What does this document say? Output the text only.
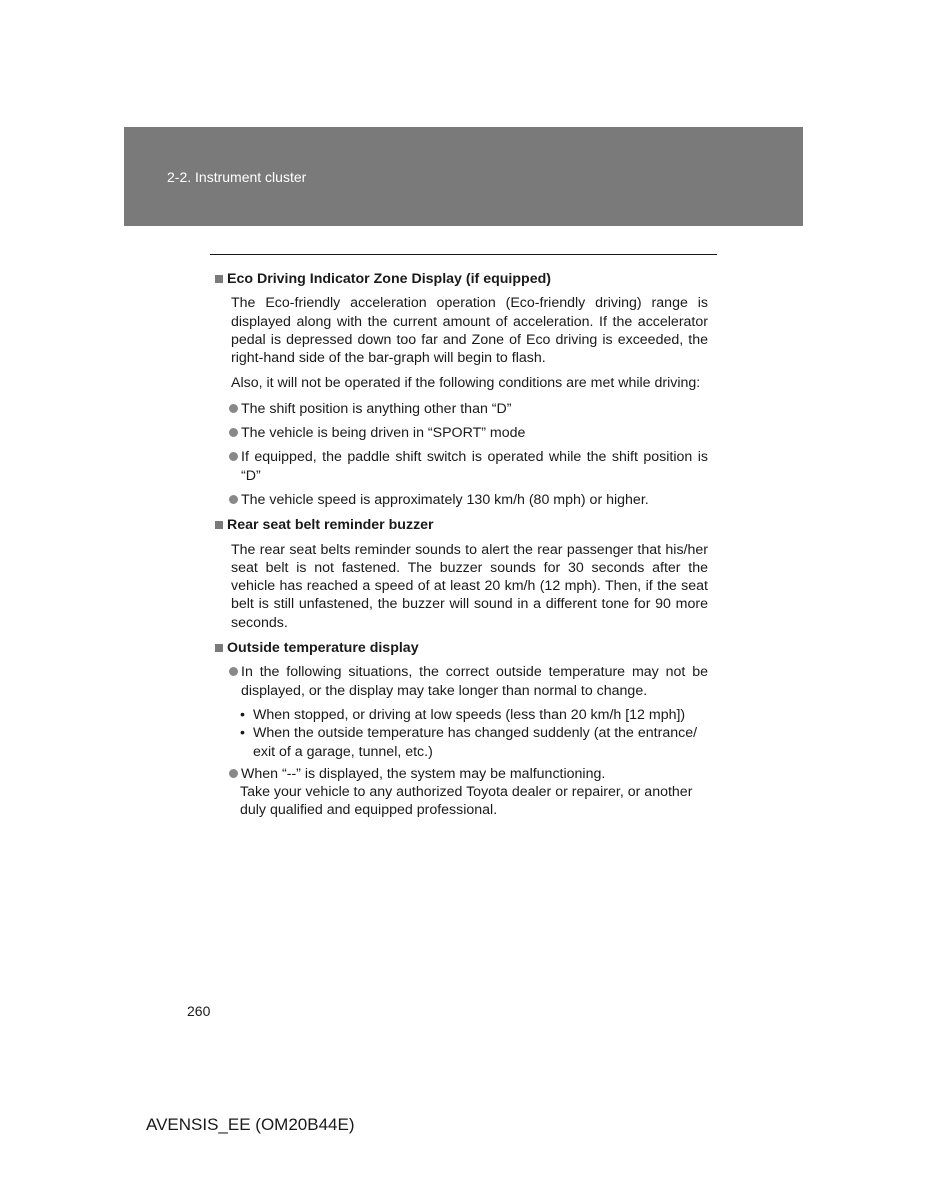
2-2. Instrument cluster
Eco Driving Indicator Zone Display (if equipped)
The Eco-friendly acceleration operation (Eco-friendly driving) range is displayed along with the current amount of acceleration. If the accelerator pedal is depressed down too far and Zone of Eco driving is exceeded, the right-hand side of the bar-graph will begin to flash.
Also, it will not be operated if the following conditions are met while driving:
The shift position is anything other than “D”
The vehicle is being driven in “SPORT” mode
If equipped, the paddle shift switch is operated while the shift position is “D”
The vehicle speed is approximately 130 km/h (80 mph) or higher.
Rear seat belt reminder buzzer
The rear seat belts reminder sounds to alert the rear passenger that his/her seat belt is not fastened. The buzzer sounds for 30 seconds after the vehicle has reached a speed of at least 20 km/h (12 mph). Then, if the seat belt is still unfastened, the buzzer will sound in a different tone for 90 more seconds.
Outside temperature display
In the following situations, the correct outside temperature may not be displayed, or the display may take longer than normal to change.
• When stopped, or driving at low speeds (less than 20 km/h [12 mph])
• When the outside temperature has changed suddenly (at the entrance/ exit of a garage, tunnel, etc.)
When “--” is displayed, the system may be malfunctioning.
Take your vehicle to any authorized Toyota dealer or repairer, or another duly qualified and equipped professional.
260
AVENSIS_EE (OM20B44E)
